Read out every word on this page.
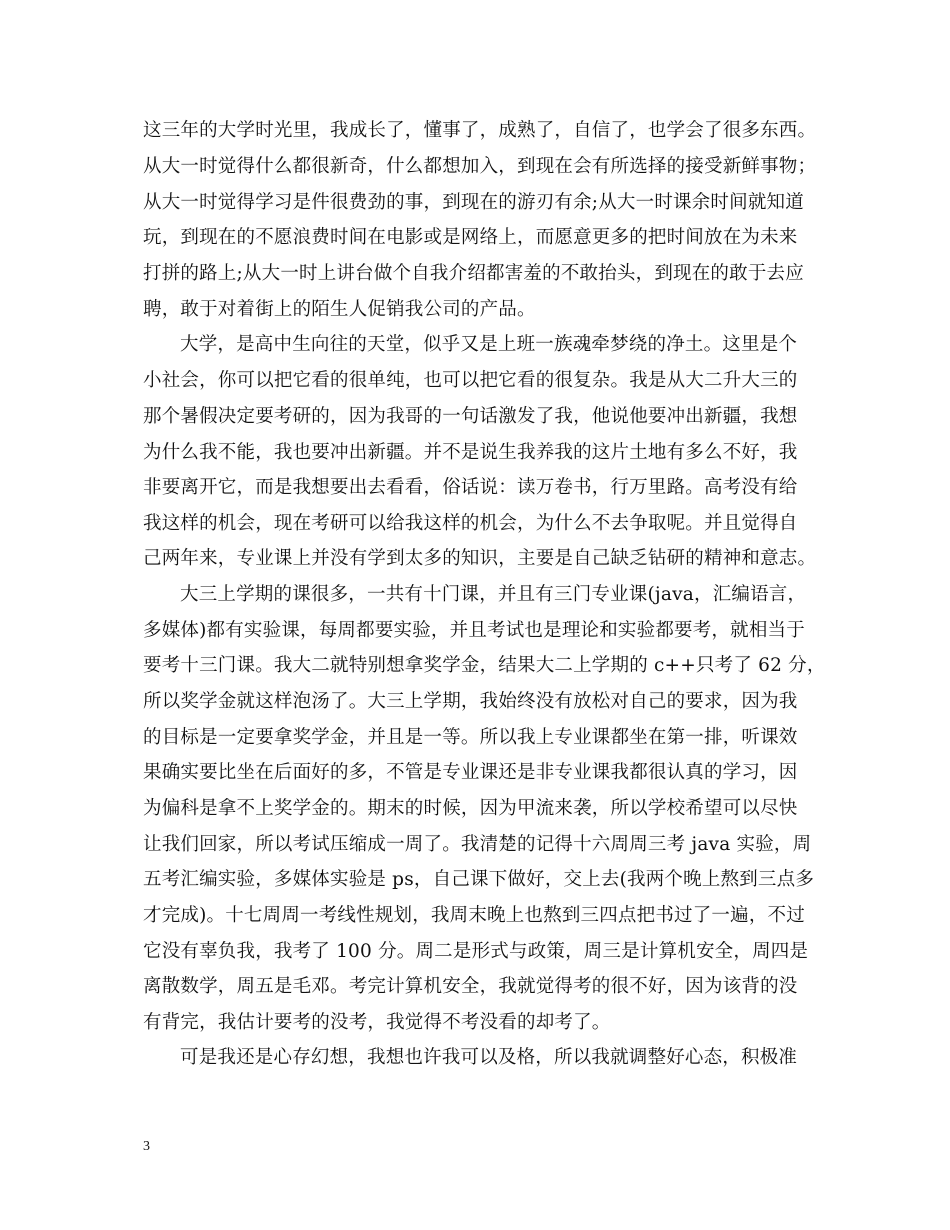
这三年的大学时光里，我成长了，懂事了，成熟了，自信了，也学会了很多东西。
从大一时觉得什么都很新奇，什么都想加入，到现在会有所选择的接受新鲜事物；
从大一时觉得学习是件很费劲的事，到现在的游刃有余;从大一时课余时间就知道
玩，到现在的不愿浪费时间在电影或是网络上，而愿意更多的把时间放在为未来
打拼的路上;从大一时上讲台做个自我介绍都害羞的不敢抬头，到现在的敢于去应
聘，敢于对着街上的陌生人促销我公司的产品。
大学，是高中生向往的天堂，似乎又是上班一族魂牵梦绕的净土。这里是个
小社会，你可以把它看的很单纯，也可以把它看的很复杂。我是从大二升大三的
那个暑假决定要考研的，因为我哥的一句话激发了我，他说他要冲出新疆，我想
为什么我不能，我也要冲出新疆。并不是说生我养我的这片土地有多么不好，我
非要离开它，而是我想要出去看看，俗话说：读万卷书，行万里路。高考没有给
我这样的机会，现在考研可以给我这样的机会，为什么不去争取呢。并且觉得自
己两年来，专业课上并没有学到太多的知识，主要是自己缺乏钻研的精神和意志。
大三上学期的课很多，一共有十门课，并且有三门专业课(java，汇编语言，
多媒体)都有实验课，每周都要实验，并且考试也是理论和实验都要考，就相当于
要考十三门课。我大二就特别想拿奖学金，结果大二上学期的 c++只考了 62 分，
所以奖学金就这样泡汤了。大三上学期，我始终没有放松对自己的要求，因为我
的目标是一定要拿奖学金，并且是一等。所以我上专业课都坐在第一排，听课效
果确实要比坐在后面好的多，不管是专业课还是非专业课我都很认真的学习，因
为偏科是拿不上奖学金的。期末的时候，因为甲流来袭，所以学校希望可以尽快
让我们回家，所以考试压缩成一周了。我清楚的记得十六周周三考 java 实验，周
五考汇编实验，多媒体实验是 ps，自己课下做好，交上去(我两个晚上熬到三点多
才完成)。十七周周一考线性规划，我周末晚上也熬到三四点把书过了一遍，不过
它没有辜负我，我考了 100 分。周二是形式与政策，周三是计算机安全，周四是
离散数学，周五是毛邓。考完计算机安全，我就觉得考的很不好，因为该背的没
有背完，我估计要考的没考，我觉得不考没看的却考了。
可是我还是心存幻想，我想也许我可以及格，所以我就调整好心态，积极准
3
